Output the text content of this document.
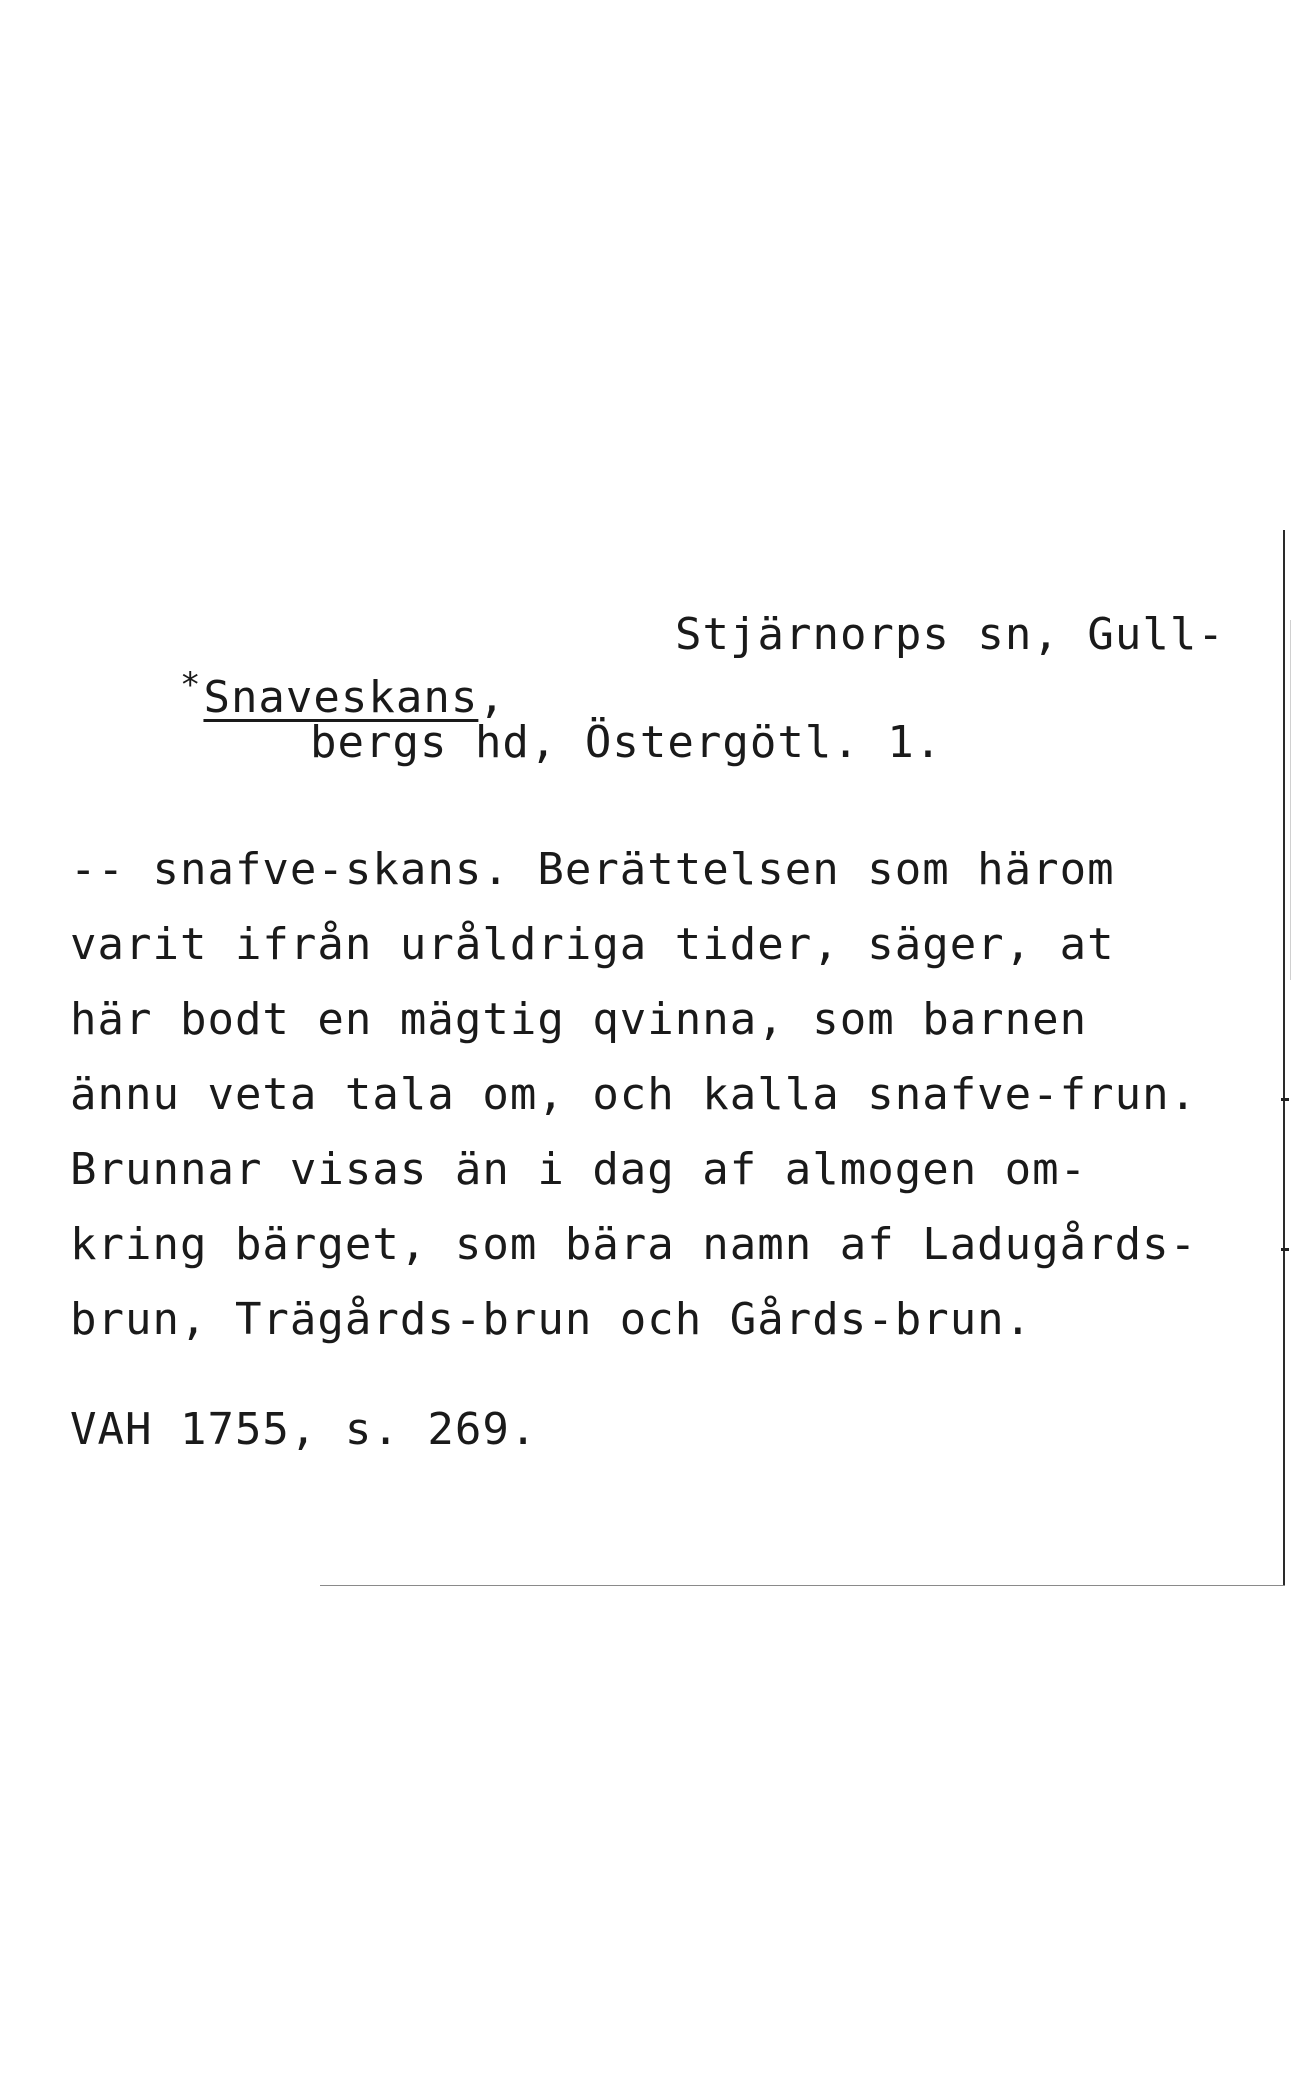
*Snaveskans,

Stjärnorps sn, Gull-

bergs hd, Östergötl. 1.
-- snafve-skans. Berättelsen som härom
varit ifrån uråldriga tider, säger, at
här bodt en mägtig qvinna, som barnen
ännu veta tala om, och kalla snafve-frun.
Brunnar visas än i dag af almogen om-
kring bärget, som bära namn af Ladugårds-
brun, Trägårds-brun och Gårds-brun.
VAH 1755, s. 269.
